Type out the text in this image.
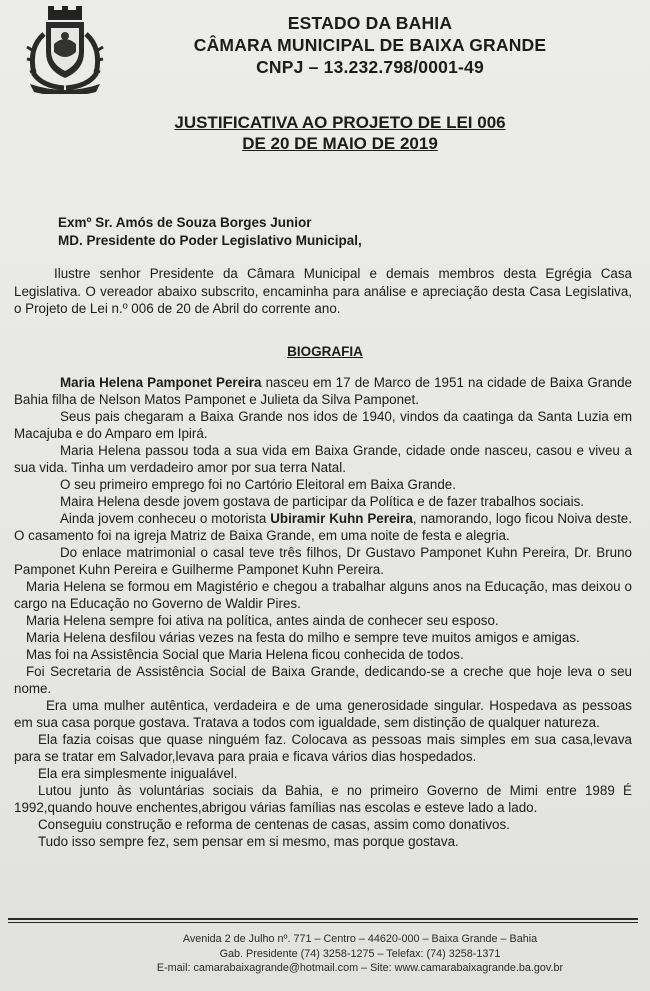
ESTADO DA BAHIA
CÂMARA MUNICIPAL DE BAIXA GRANDE
CNPJ – 13.232.798/0001-49
JUSTIFICATIVA AO PROJETO DE LEI 006
DE 20 DE MAIO DE 2019
Exmº Sr. Amós de Souza Borges Junior
MD. Presidente do Poder Legislativo Municipal,
Ilustre senhor Presidente da Câmara Municipal e demais membros desta Egrégia Casa Legislativa. O vereador abaixo subscrito, encaminha para análise e apreciação desta Casa Legislativa, o Projeto de Lei n.º 006 de 20 de Abril do corrente ano.
BIOGRAFIA

Maria Helena Pamponet Pereira nasceu em 17 de Marco de 1951 na cidade de Baixa Grande Bahia filha de Nelson Matos Pamponet e Julieta da Silva Pamponet.

Seus pais chegaram a Baixa Grande nos idos de 1940, vindos da caatinga da Santa Luzia em Macajuba e do Amparo em Ipirá.

Maria Helena passou toda a sua vida em Baixa Grande, cidade onde nasceu, casou e viveu a sua vida. Tinha um verdadeiro amor por sua terra Natal.

O seu primeiro emprego foi no Cartório Eleitoral em Baixa Grande.

Maira Helena desde jovem gostava de participar da Política e de fazer trabalhos sociais.

Ainda jovem conheceu o motorista Ubiramir Kuhn Pereira, namorando, logo ficou Noiva deste. O casamento foi na igreja Matriz de Baixa Grande, em uma noite de festa e alegria.

Do enlace matrimonial o casal teve três filhos, Dr Gustavo Pamponet Kuhn Pereira, Dr. Bruno Pamponet Kuhn Pereira e Guilherme Pamponet Kuhn Pereira.

Maria Helena se formou em Magistério e chegou a trabalhar alguns anos na Educação, mas deixou o cargo na Educação no Governo de Waldir Pires.

Maria Helena sempre foi ativa na política, antes ainda de conhecer seu esposo.

Maria Helena desfilou várias vezes na festa do milho e sempre teve muitos amigos e amigas.

Mas foi na Assistência Social que Maria Helena ficou conhecida de todos.

Foi Secretaria de Assistência Social de Baixa Grande, dedicando-se a creche que hoje leva o seu nome.

Era uma mulher autêntica, verdadeira e de uma generosidade singular. Hospedava as pessoas em sua casa porque gostava. Tratava a todos com igualdade, sem distinção de qualquer natureza.

Ela fazia coisas que quase ninguém faz. Colocava as pessoas mais simples em sua casa,levava para se tratar em Salvador,levava para praia e ficava vários dias hospedados.

Ela era simplesmente inigualável.

Lutou junto às voluntárias sociais da Bahia, e no primeiro Governo de Mimi entre 1989 É 1992,quando houve enchentes,abrigou várias famílias nas escolas e esteve lado a lado.

Conseguiu construção e reforma de centenas de casas, assim como donativos.

Tudo isso sempre fez, sem pensar em si mesmo, mas porque gostava.

Avenida 2 de Julho nº. 771 – Centro – 44620-000 – Baixa Grande – Bahia
Gab. Presidente (74) 3258-1275 – Telefax: (74) 3258-1371
E-mail: camarabaixagrande@hotmail.com – Site: www.camarabaixagrande.ba.gov.br
